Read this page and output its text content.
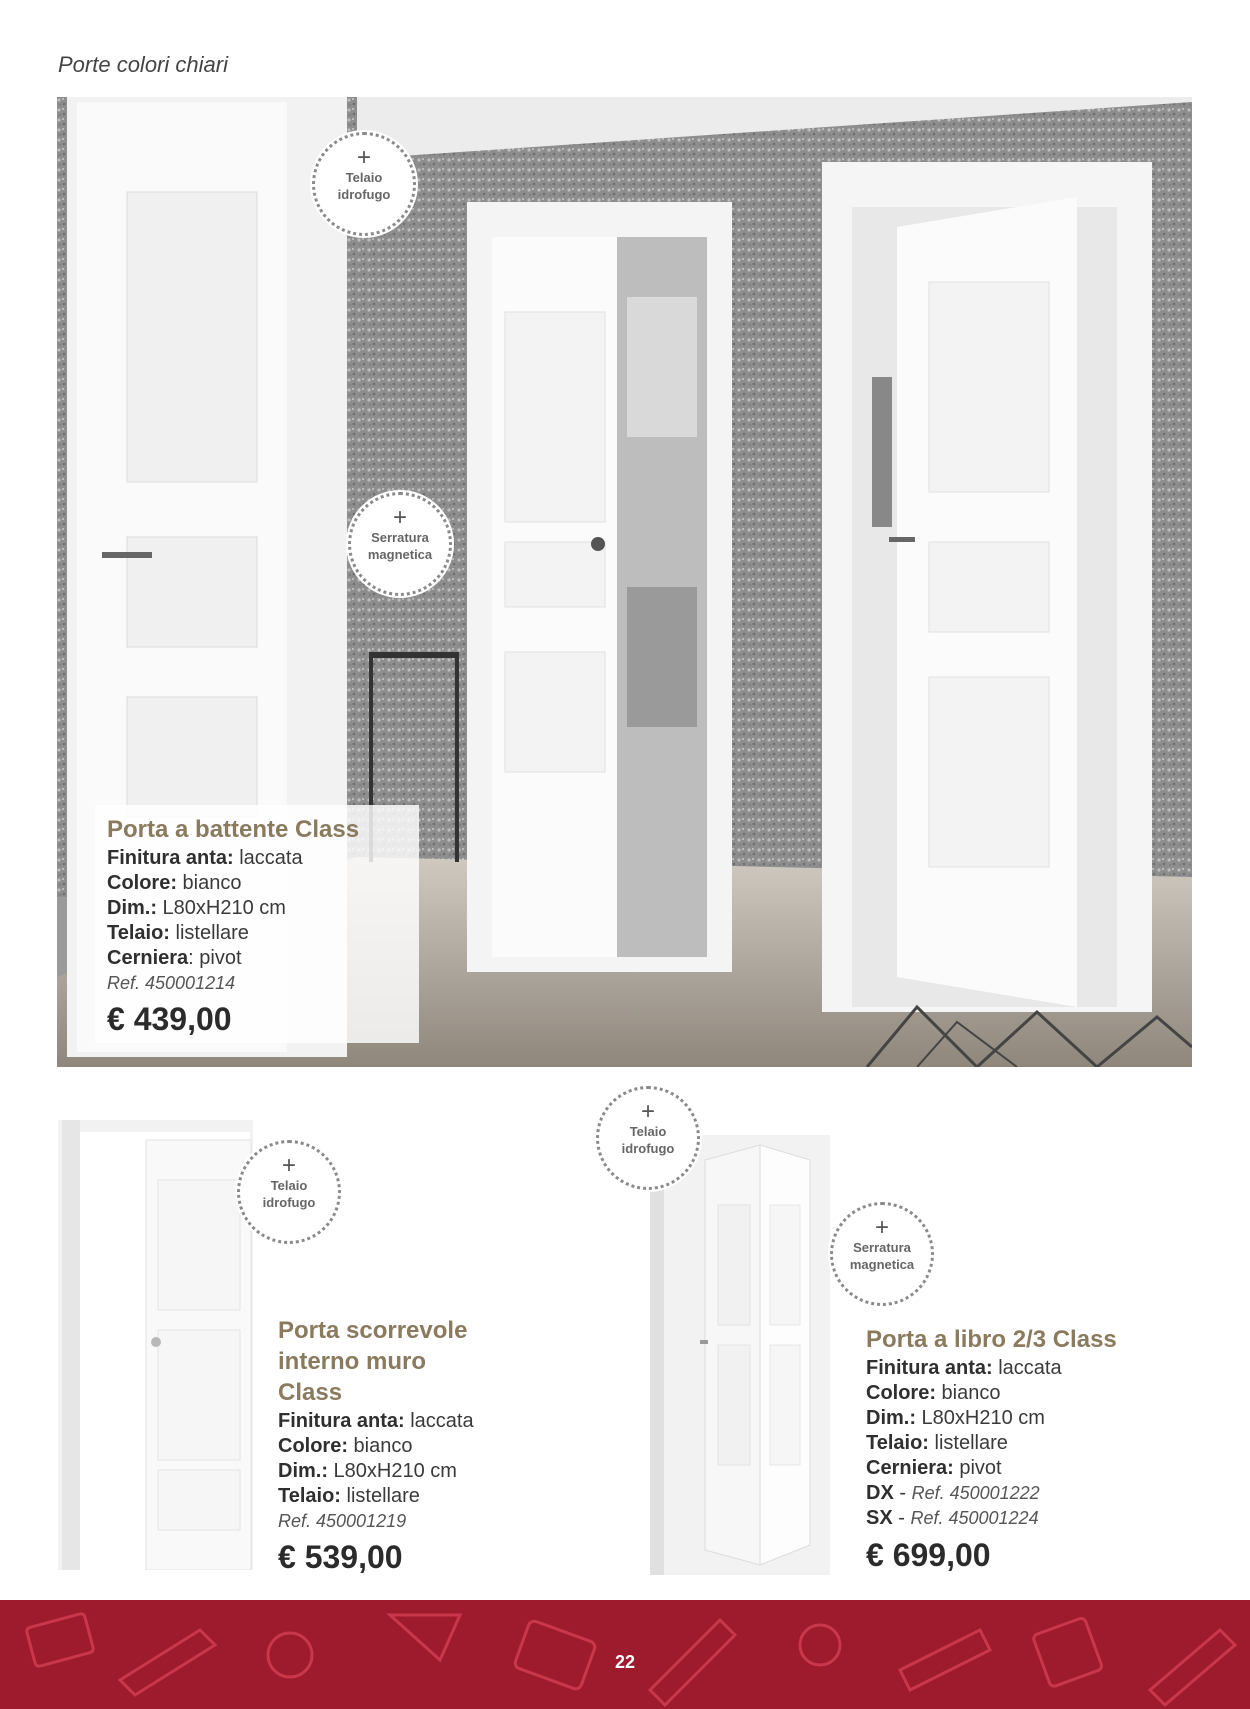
Porte colori chiari
Porta a battente Class
Finitura anta: laccata
Colore: bianco
Dim.: L80xH210 cm
Telaio: listellare
Cerniera: pivot
Ref. 450001214
€ 439,00
+
Telaio
idrofugo
+
Serratura
magnetica
+
Telaio
idrofugo
Porta scorrevole
interno muro
Class
Finitura anta: laccata
Colore: bianco
Dim.: L80xH210 cm
Telaio: listellare
Ref. 450001219
€ 539,00
+
Telaio
idrofugo
+
Serratura
magnetica
Porta a libro 2/3 Class
Finitura anta: laccata
Colore: bianco
Dim.: L80xH210 cm
Telaio: listellare
Cerniera: pivot
DX - Ref. 450001222
SX - Ref. 450001224
€ 699,00
22
